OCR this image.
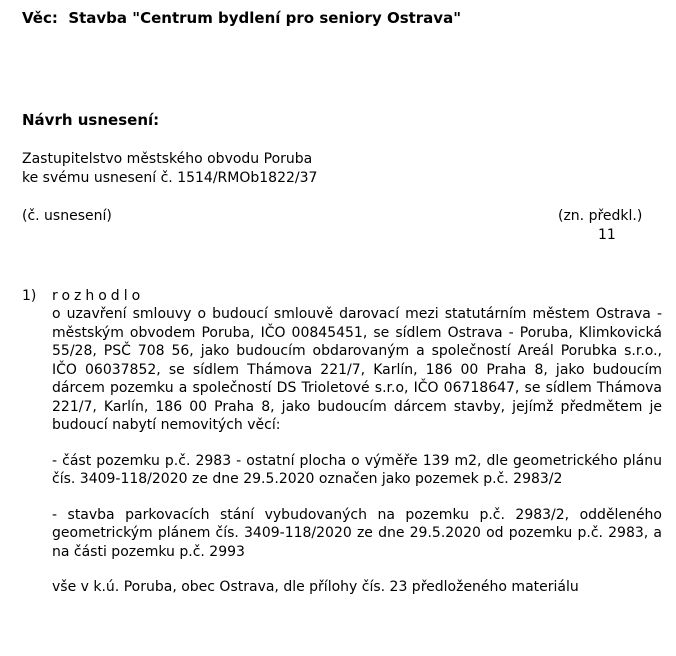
Věc: Stavba "Centrum bydlení pro seniory Ostrava"
Návrh usnesení:
Zastupitelstvo městského obvodu Poruba
ke svému usnesení č. 1514/RMOb1822/37
(č. usnesení)	(zn. předkl.)
11
1) rozhodlo

o uzavření smlouvy o budoucí smlouvě darovací mezi statutárním městem Ostrava - městským obvodem Poruba, IČO 00845451, se sídlem Ostrava - Poruba, Klimkovická 55/28, PSČ 708 56, jako budoucím obdarovaným a společností Areál Porubka s.r.o., IČO 06037852, se sídlem Thámova 221/7, Karlín, 186 00 Praha 8, jako budoucím dárcem pozemku a společností DS Trioletové s.r.o, IČO 06718647, se sídlem Thámova 221/7, Karlín, 186 00 Praha 8, jako budoucím dárcem stavby, jejímž předmětem je budoucí nabytí nemovitých věcí:

- část pozemku p.č. 2983 - ostatní plocha o výměře 139 m2, dle geometrického plánu čís. 3409-118/2020 ze dne 29.5.2020 označen jako pozemek p.č. 2983/2

- stavba parkovacích stání vybudovaných na pozemku p.č. 2983/2, odděleného geometrickým plánem čís. 3409-118/2020 ze dne 29.5.2020 od pozemku p.č. 2983, a na části pozemku p.č. 2993

vše v k.ú. Poruba, obec Ostrava, dle přílohy čís. 23 předloženého materiálu
